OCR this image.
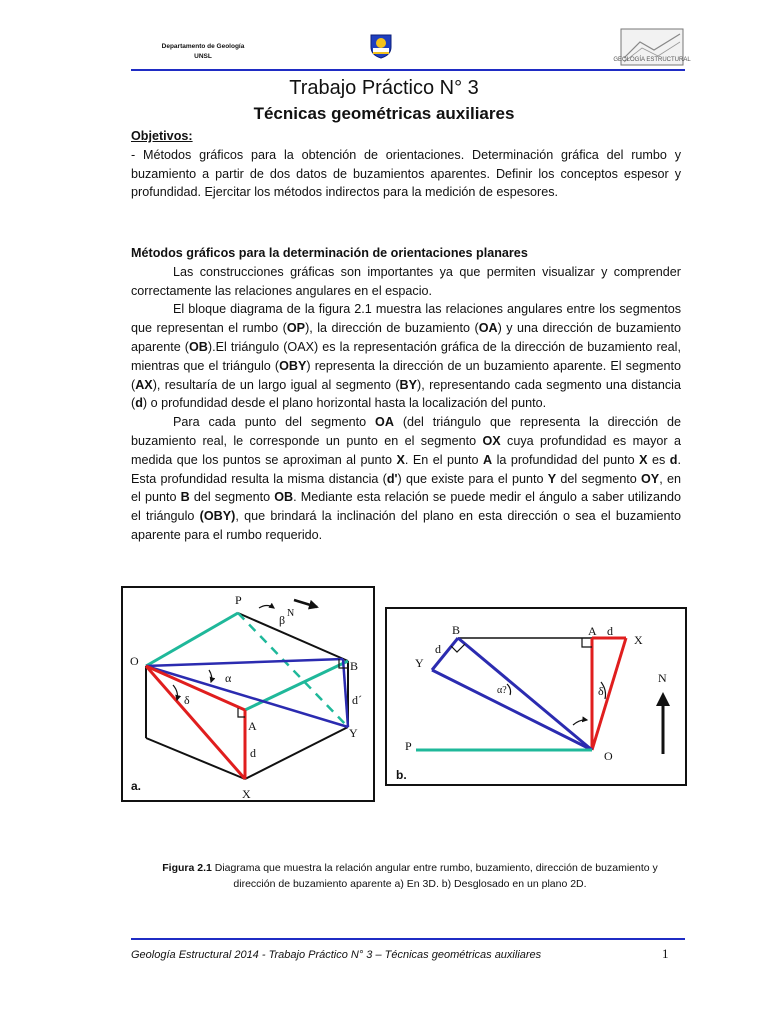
Departamento de Geología
UNSL	GEOLOGÍA ESTRUCTURAL
Trabajo Práctico N° 3
Técnicas geométricas auxiliares

Objetivos:

- Métodos gráficos para la obtención de orientaciones. Determinación gráfica del rumbo y buzamiento a partir de dos datos de buzamientos aparentes. Definir los conceptos espesor y profundidad. Ejercitar los métodos indirectos para la medición de espesores.

Métodos gráficos para la determinación de orientaciones planares

Las construcciones gráficas son importantes ya que permiten visualizar y comprender correctamente las relaciones angulares en el espacio.

El bloque diagrama de la figura 2.1 muestra las relaciones angulares entre los segmentos que representan el rumbo (OP), la dirección de buzamiento (OA) y una dirección de buzamiento aparente (OB).El triángulo (OAX) es la representación gráfica de la dirección de buzamiento real, mientras que el triángulo (OBY) representa la dirección de un buzamiento aparente. El segmento (AX), resultaría de un largo igual al segmento (BY), representando cada segmento una distancia (d) o profundidad desde el plano horizontal hasta la localización del punto.

Para cada punto del segmento OA (del triángulo que representa la dirección de buzamiento real, le corresponde un punto en el segmento OX cuya profundidad es mayor a medida que los puntos se aproximan al punto X. En el punto A la profundidad del punto X es d. Esta profundidad resulta la misma distancia (d') que existe para el punto Y del segmento OY, en el punto B del segmento OB. Mediante esta relación se puede medir el ángulo a saber utilizando el triángulo (OBY), que brindará la inclinación del plano en esta dirección o sea el buzamiento aparente para el rumbo requerido.

P
O	B
A	Y
X
d
d´
α
β
δ
N
a.
B	A d
X
d
Y
P
O
N
α?	δ
b.
Figura 2.1 Diagrama que muestra la relación angular entre rumbo, buzamiento, dirección de buzamiento y dirección de buzamiento aparente a) En 3D. b) Desglosado en un plano 2D.
Geología Estructural 2014 - Trabajo Práctico N° 3 – Técnicas geométricas auxiliares	1
